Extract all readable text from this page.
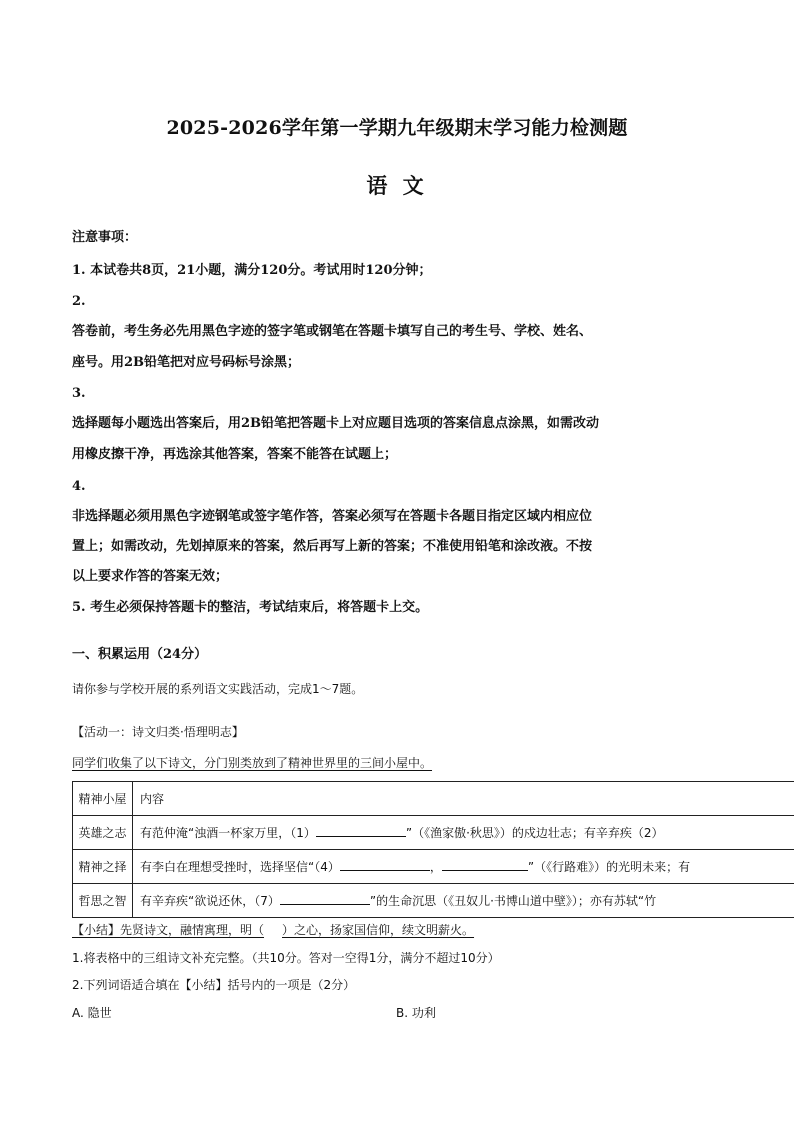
2025-2026学年第一学期九年级期末学习能力检测题
语 文
注意事项：
1. 本试卷共8页，21小题，满分120分。考试用时120分钟；
2.
答卷前，考生务必先用黑色字迹的签字笔或钢笔在答题卡填写自己的考生号、学校、姓名、
座号。用2B铅笔把对应号码标号涂黑；
3.
选择题每小题选出答案后，用2B铅笔把答题卡上对应题目选项的答案信息点涂黑，如需改动
用橡皮擦干净，再选涂其他答案，答案不能答在试题上；
4.
非选择题必须用黑色字迹钢笔或签字笔作答，答案必须写在答题卡各题目指定区域内相应位
置上；如需改动，先划掉原来的答案，然后再写上新的答案；不准使用铅笔和涂改液。不按
以上要求作答的答案无效；
5. 考生必须保持答题卡的整洁，考试结束后，将答题卡上交。
一、积累运用（24分）
请你参与学校开展的系列语文实践活动，完成1～7题。
【活动一：诗文归类·悟理明志】
同学们收集了以下诗文，分门别类放到了精神世界里的三间小屋中。
精神小屋	内容
英雄之志	有范仲淹“浊酒一杯家万里，（1） ”（《渔家傲·秋思》）的戍边壮志；有辛弃疾（2）
精神之择	有李白在理想受挫时，选择坚信“（4） ， ”（《行路难》）的光明未来；有
哲思之智	有辛弃疾“欲说还休，（7） ”的生命沉思（《丑奴儿·书博山道中壁》）；亦有苏轼“竹
【小结】先贤诗文，融情寓理，明（ ）之心，扬家国信仰，续文明薪火。
1.将表格中的三组诗文补充完整。（共10分。答对一空得1分，满分不超过10分）
2.下列词语适合填在【小结】括号内的一项是（2分）
A. 隐世	B. 功利
